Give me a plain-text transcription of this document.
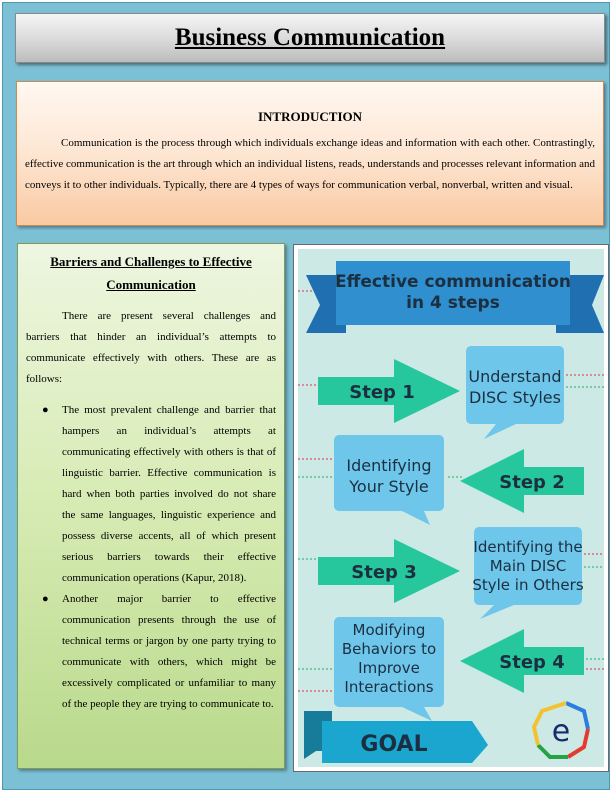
Business Communication

INTRODUCTION

Communication is the process through which individuals exchange ideas and information with each other. Contrastingly, effective communication is the art through which an individual listens, reads, understands and processes relevant information and conveys it to other individuals. Typically, there are 4 types of ways for communication verbal, nonverbal, written and visual.

Barriers and Challenges to Effective Communication

There are present several challenges and barriers that hinder an individual’s attempts to communicate effectively with others. These are as follows:

● The most prevalent challenge and barrier that hampers an individual’s attempts at communicating effectively with others is that of linguistic barrier. Effective communication is hard when both parties involved do not share the same languages, linguistic experience and possess diverse accents, all of which present serious barriers towards their effective communication operations (Kapur, 2018).
● Another major barrier to effective communication presents through the use of technical terms or jargon by one party trying to communicate with others, which might be excessively complicated or unfamiliar to many of the people they are trying to communicate to.
Effective communication
in 4 steps
Step 1
Understand
DISC Styles
Identifying
Your Style	Step 2
Step 3
Identifying the
Main DISC
Style in Others
Modifying
Behaviors to
Improve
Interactions
Step 4
GOAL	e
